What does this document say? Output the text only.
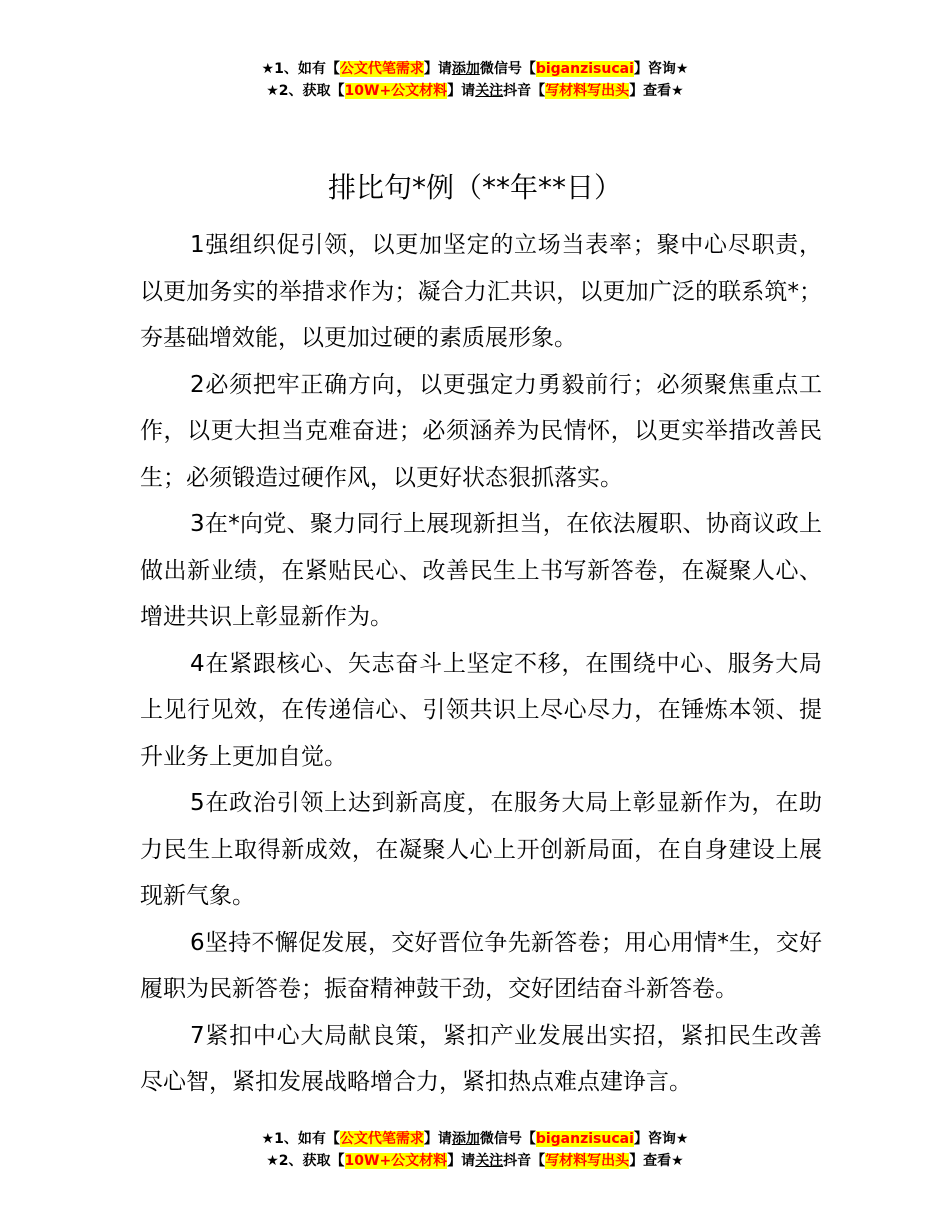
★1、如有【公文代笔需求】请添加微信号【biganzisucai】咨询★
★2、获取【10W+公文材料】请关注抖音【写材料写出头】查看★
排比句*例（**年**日）

1强组织促引领，以更加坚定的立场当表率；聚中心尽职责，以更加务实的举措求作为；凝合力汇共识，以更加广泛的联系筑*；夯基础增效能，以更加过硬的素质展形象。

2必须把牢正确方向，以更强定力勇毅前行；必须聚焦重点工作，以更大担当克难奋进；必须涵养为民情怀，以更实举措改善民生；必须锻造过硬作风，以更好状态狠抓落实。

3在*向党、聚力同行上展现新担当，在依法履职、协商议政上做出新业绩，在紧贴民心、改善民生上书写新答卷，在凝聚人心、增进共识上彰显新作为。

4在紧跟核心、矢志奋斗上坚定不移，在围绕中心、服务大局上见行见效，在传递信心、引领共识上尽心尽力，在锤炼本领、提升业务上更加自觉。

5在政治引领上达到新高度，在服务大局上彰显新作为，在助力民生上取得新成效，在凝聚人心上开创新局面，在自身建设上展现新气象。

6坚持不懈促发展，交好晋位争先新答卷；用心用情*生，交好履职为民新答卷；振奋精神鼓干劲，交好团结奋斗新答卷。

7紧扣中心大局献良策，紧扣产业发展出实招，紧扣民生改善尽心智，紧扣发展战略增合力，紧扣热点难点建诤言。

★1、如有【公文代笔需求】请添加微信号【biganzisucai】咨询★
★2、获取【10W+公文材料】请关注抖音【写材料写出头】查看★
